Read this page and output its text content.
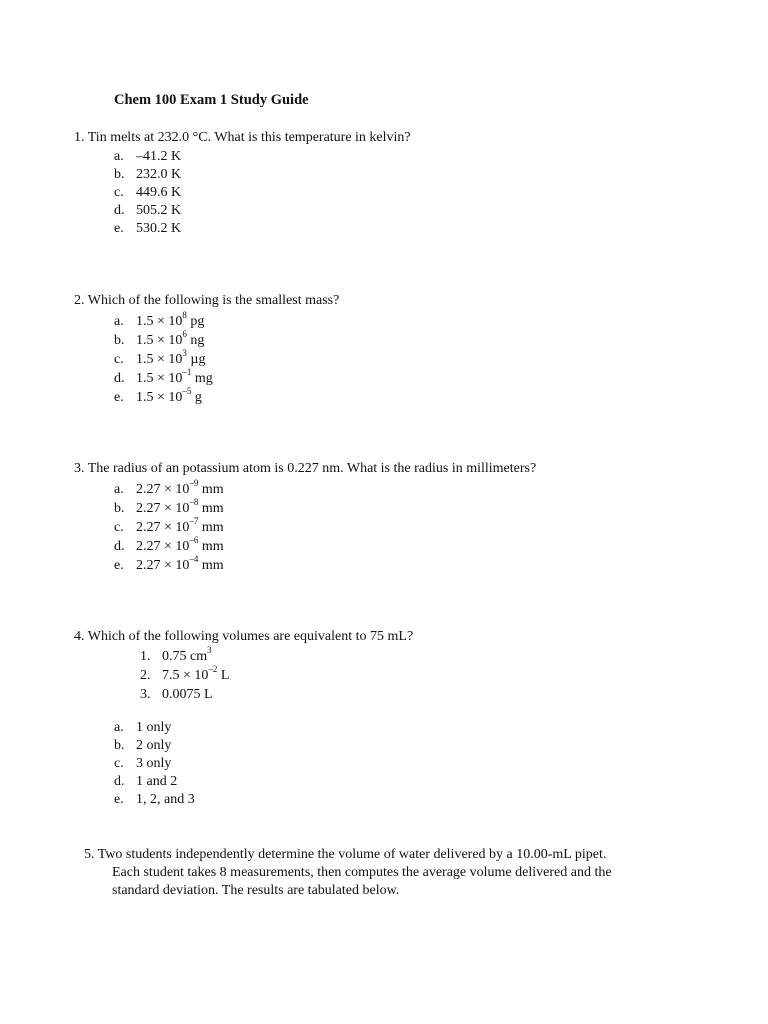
Chem 100 Exam 1 Study Guide
1. Tin melts at 232.0 °C. What is this temperature in kelvin?
a. –41.2 K
b. 232.0 K
c. 449.6 K
d. 505.2 K
e. 530.2 K
2. Which of the following is the smallest mass?
a. $1.5 \times 10^8$ pg
b. $1.5 \times 10^6$ ng
c. $1.5 \times 10^3$ µg
d. $1.5 \times 10^{-1}$ mg
e. $1.5 \times 10^{-5}$ g
3. The radius of an potassium atom is 0.227 nm. What is the radius in millimeters?
a. $2.27 \times 10^{-9}$ mm
b. $2.27 \times 10^{-8}$ mm
c. $2.27 \times 10^{-7}$ mm
d. $2.27 \times 10^{-6}$ mm
e. $2.27 \times 10^{-4}$ mm
4. Which of the following volumes are equivalent to 75 mL?
1. 0.75 $cm^3$
2. $7.5 \times 10^{-2}$ L
3. 0.0075 L
a. 1 only
b. 2 only
c. 3 only
d. 1 and 2
e. 1, 2, and 3
5. Two students independently determine the volume of water delivered by a 10.00-mL pipet.
Each student takes 8 measurements, then computes the average volume delivered and the
standard deviation. The results are tabulated below.
